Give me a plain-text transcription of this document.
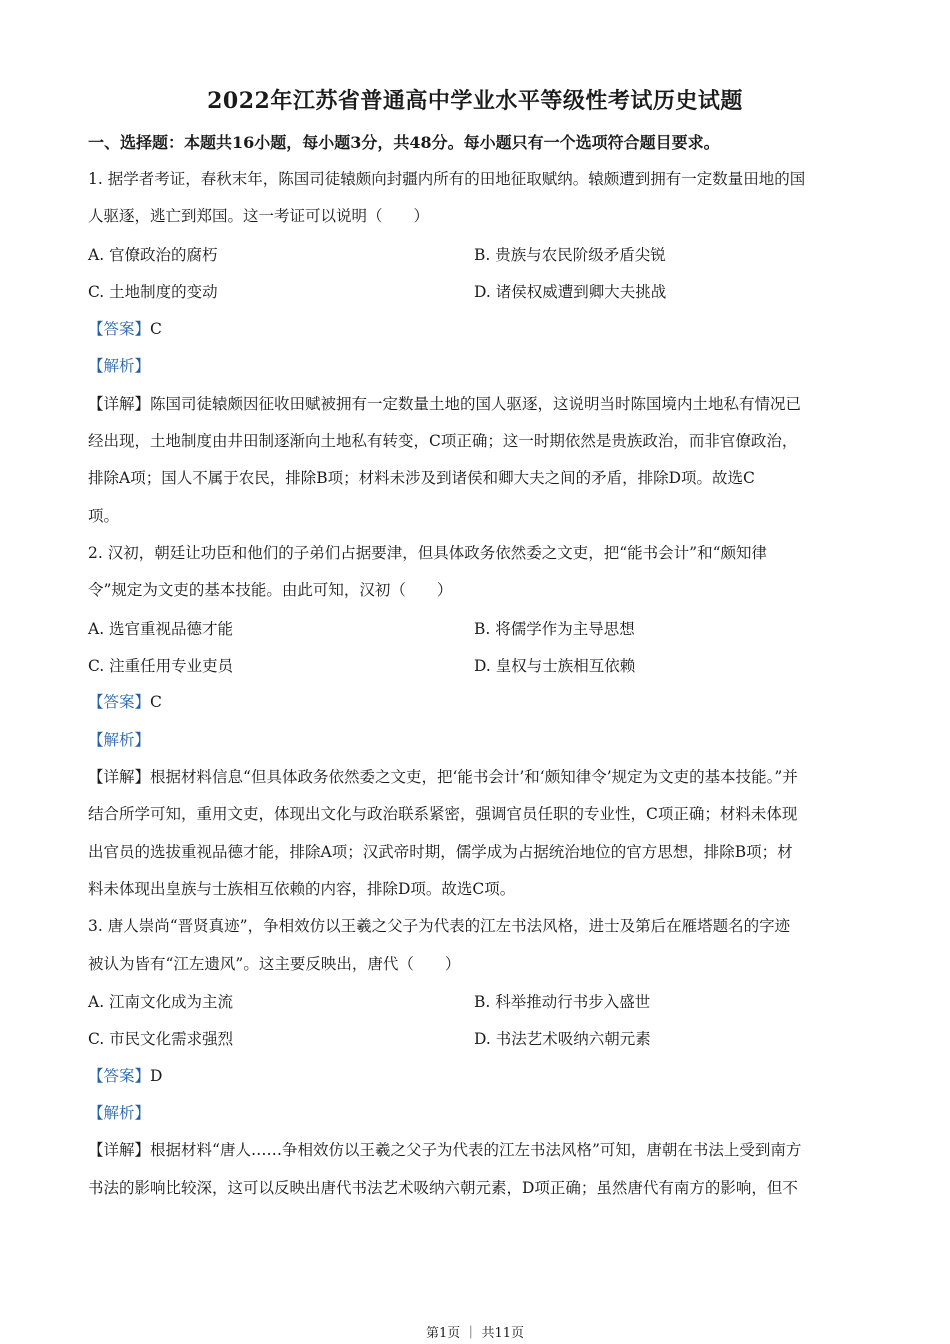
2022年江苏省普通高中学业水平等级性考试历史试题
一、选择题：本题共16小题，每小题3分，共48分。每小题只有一个选项符合题目要求。
1. 据学者考证，春秋末年，陈国司徒辕颇向封疆内所有的田地征取赋纳。辕颇遭到拥有一定数量田地的国
人驱逐，逃亡到郑国。这一考证可以说明（　　）
A. 官僚政治的腐朽	B. 贵族与农民阶级矛盾尖锐
C. 土地制度的变动	D. 诸侯权威遭到卿大夫挑战
【答案】C
【解析】
【详解】陈国司徒辕颇因征收田赋被拥有一定数量土地的国人驱逐，这说明当时陈国境内土地私有情况已
经出现，土地制度由井田制逐渐向土地私有转变，C项正确；这一时期依然是贵族政治，而非官僚政治，
排除A项；国人不属于农民，排除B项；材料未涉及到诸侯和卿大夫之间的矛盾，排除D项。故选C
项。
2. 汉初，朝廷让功臣和他们的子弟们占据要津，但具体政务依然委之文吏，把“能书会计”和“颇知律
令”规定为文吏的基本技能。由此可知，汉初（　　）
A. 选官重视品德才能	B. 将儒学作为主导思想
C. 注重任用专业吏员	D. 皇权与士族相互依赖
【答案】C
【解析】
【详解】根据材料信息“但具体政务依然委之文吏，把‘能书会计’和‘颇知律令’规定为文吏的基本技能。”并
结合所学可知，重用文吏，体现出文化与政治联系紧密，强调官员任职的专业性，C项正确；材料未体现
出官员的选拔重视品德才能，排除A项；汉武帝时期，儒学成为占据统治地位的官方思想，排除B项；材
料未体现出皇族与士族相互依赖的内容，排除D项。故选C项。
3. 唐人崇尚“晋贤真迹”，争相效仿以王羲之父子为代表的江左书法风格，进士及第后在雁塔题名的字迹
被认为皆有“江左遗风”。这主要反映出，唐代（　　）
A. 江南文化成为主流	B. 科举推动行书步入盛世
C. 市民文化需求强烈	D. 书法艺术吸纳六朝元素
【答案】D
【解析】
【详解】根据材料“唐人……争相效仿以王羲之父子为代表的江左书法风格”可知，唐朝在书法上受到南方
书法的影响比较深，这可以反映出唐代书法艺术吸纳六朝元素，D项正确；虽然唐代有南方的影响，但不
第1页 ｜ 共11页
